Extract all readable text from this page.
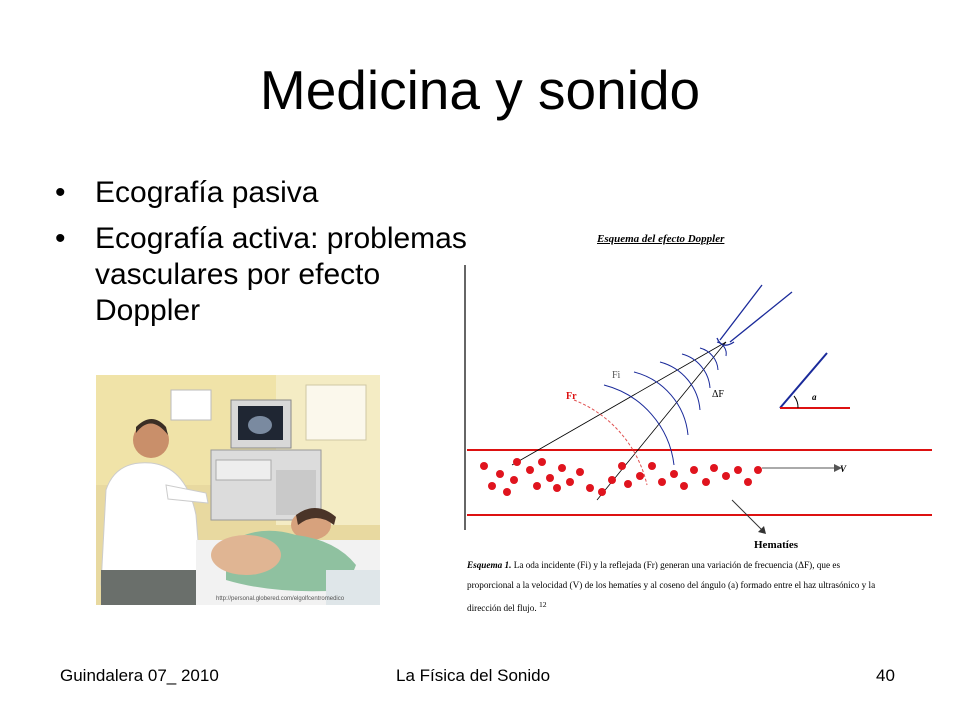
Medicina y sonido
• Ecografía pasiva
• Ecografía activa: problemas vasculares por efecto Doppler
http://personal.globered.com/elgolfcentromedico
Esquema del efecto Doppler
Fi
Fr	ΔF	a
V
Hematíes
Esquema 1. La oda incidente (Fi) y la reflejada (Fr) generan una variación de frecuencia (ΔF), que es proporcional a la velocidad (V) de los hematíes y al coseno del ángulo (a) formado entre el haz ultrasónico y la dirección del flujo. $^{12}$
Guindalera 07_ 2010	La Física del Sonido	40
